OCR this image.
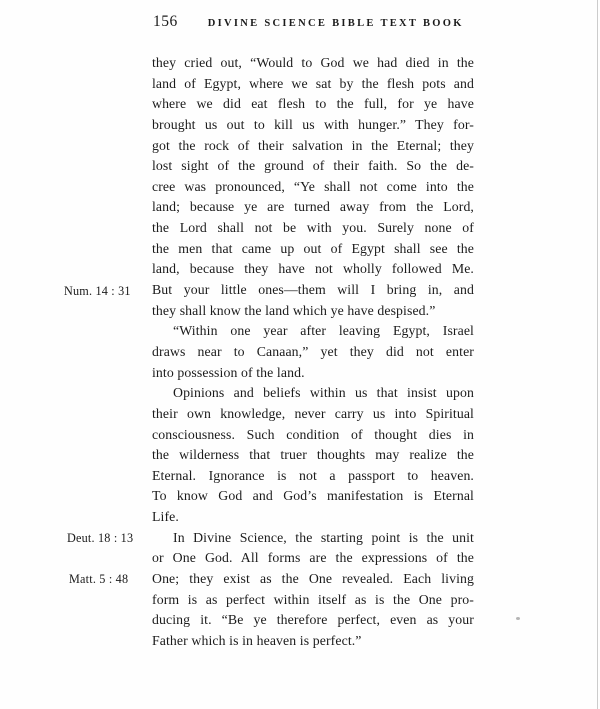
156	DIVINE SCIENCE BIBLE TEXT BOOK
Num. 14 : 31
Deut. 18 : 13
Matt. 5 : 48
they cried out, “Would to God we had died in the
land of Egypt, where we sat by the flesh pots and
where we did eat flesh to the full, for ye have
brought us out to kill us with hunger.” They for-
got the rock of their salvation in the Eternal; they
lost sight of the ground of their faith. So the de-
cree was pronounced, “Ye shall not come into the
land; because ye are turned away from the Lord,
the Lord shall not be with you. Surely none of
the men that came up out of Egypt shall see the
land, because they have not wholly followed Me.
But your little ones—them will I bring in, and
they shall know the land which ye have despised.”
“Within one year after leaving Egypt, Israel
draws near to Canaan,” yet they did not enter
into possession of the land.
Opinions and beliefs within us that insist upon
their own knowledge, never carry us into Spiritual
consciousness. Such condition of thought dies in
the wilderness that truer thoughts may realize the
Eternal. Ignorance is not a passport to heaven.
To know God and God’s manifestation is Eternal
Life.
In Divine Science, the starting point is the unit
or One God. All forms are the expressions of the
One; they exist as the One revealed. Each living
form is as perfect within itself as is the One pro-
ducing it. “Be ye therefore perfect, even as your
Father which is in heaven is perfect.”
